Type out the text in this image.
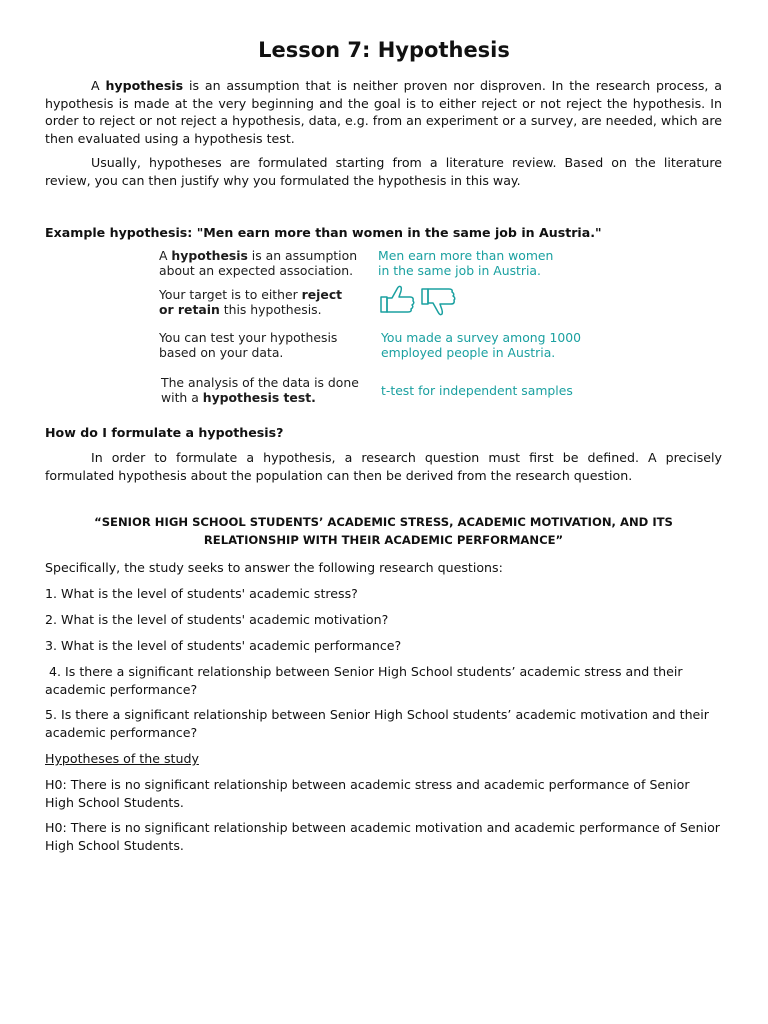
Lesson 7: Hypothesis

A hypothesis is an assumption that is neither proven nor disproven. In the research process, a hypothesis is made at the very beginning and the goal is to either reject or not reject the hypothesis. In order to reject or not reject a hypothesis, data, e.g. from an experiment or a survey, are needed, which are then evaluated using a hypothesis test.

Usually, hypotheses are formulated starting from a literature review. Based on the literature review, you can then justify why you formulated the hypothesis in this way.

Example hypothesis: "Men earn more than women in the same job in Austria."
A hypothesis is an assumption
about an expected association.
Men earn more than women
in the same job in Austria.
Your target is to either reject
or retain this hypothesis.
You can test your hypothesis
based on your data.
You made a survey among 1000
employed people in Austria.
The analysis of the data is done
with a hypothesis test.	t-test for independent samples
How do I formulate a hypothesis?

In order to formulate a hypothesis, a research question must first be defined. A precisely formulated hypothesis about the population can then be derived from the research question.

“SENIOR HIGH SCHOOL STUDENTS’ ACADEMIC STRESS, ACADEMIC MOTIVATION, AND ITS RELATIONSHIP WITH THEIR ACADEMIC PERFORMANCE”
Specifically, the study seeks to answer the following research questions:
1. What is the level of students' academic stress?
2. What is the level of students' academic motivation?
3. What is the level of students' academic performance?

4. Is there a significant relationship between Senior High School students’ academic stress and their academic performance?

5. Is there a significant relationship between Senior High School students’ academic motivation and their academic performance?

Hypotheses of the study

H0: There is no significant relationship between academic stress and academic performance of Senior High School Students.

H0: There is no significant relationship between academic motivation and academic performance of Senior High School Students.
